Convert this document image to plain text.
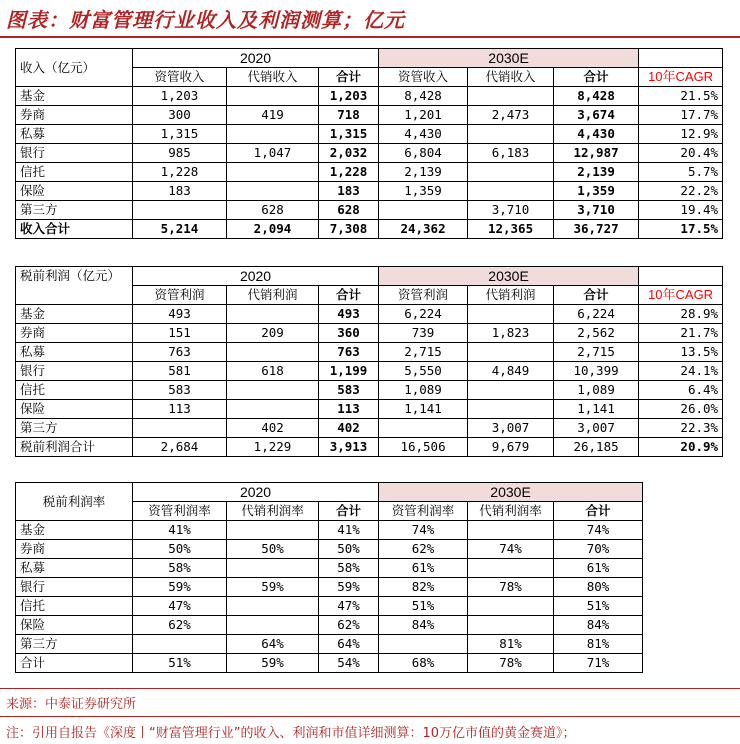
图表：财富管理行业收入及利润测算；亿元
收入（亿元）	2020			2030E			
	资管收入	代销收入	合计	资管收入	代销收入	合计	10年CAGR
基金	1,203		1,203	8,428		8,428	21.5%
券商	300	419	718	1,201	2,473	3,674	17.7%
私募	1,315		1,315	4,430		4,430	12.9%
银行	985	1,047	2,032	6,804	6,183	12,987	20.4%
信托	1,228		1,228	2,139		2,139	5.7%
保险	183		183	1,359		1,359	22.2%
第三方		628	628		3,710	3,710	19.4%
收入合计	5,214	2,094	7,308	24,362	12,365	36,727	17.5%
税前利润（亿元）	2020			2030E			
	资管利润	代销利润	合计	资管利润	代销利润	合计	10年CAGR
基金	493		493	6,224		6,224	28.9%
券商	151	209	360	739	1,823	2,562	21.7%
私募	763		763	2,715		2,715	13.5%
银行	581	618	1,199	5,550	4,849	10,399	24.1%
信托	583		583	1,089		1,089	6.4%
保险	113		113	1,141		1,141	26.0%
第三方		402	402		3,007	3,007	22.3%
税前利润合计	2,684	1,229	3,913	16,506	9,679	26,185	20.9%
税前利润率	2020			2030E		
	资管利润率	代销利润率	合计	资管利润率	代销利润率	合计
基金	41%		41%	74%		74%
券商	50%	50%	50%	62%	74%	70%
私募	58%		58%	61%		61%
银行	59%	59%	59%	82%	78%	80%
信托	47%		47%	51%		51%
保险	62%		62%	84%		84%
第三方		64%	64%		81%	81%
合计	51%	59%	54%	68%	78%	71%
来源：中泰证券研究所
注：引用自报告《深度丨“财富管理行业”的收入、利润和市值详细测算：10万亿市值的黄金赛道》；
